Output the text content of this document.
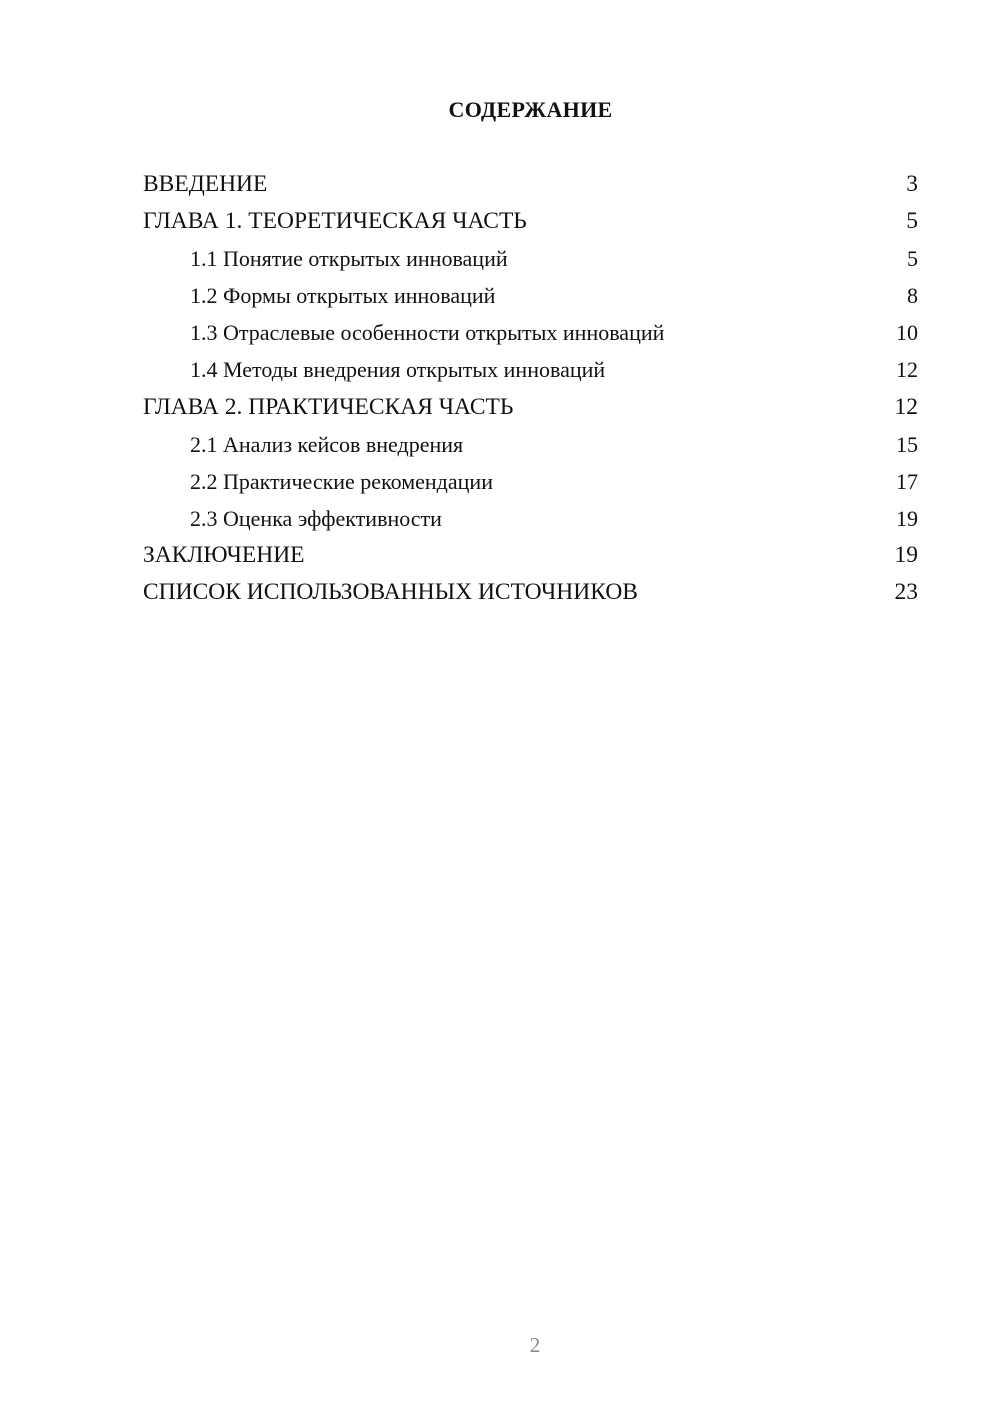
СОДЕРЖАНИЕ
ВВЕДЕНИЕ	3
ГЛАВА 1. ТЕОРЕТИЧЕСКАЯ ЧАСТЬ	5
1.1 Понятие открытых инноваций	5
1.2 Формы открытых инноваций	8
1.3 Отраслевые особенности открытых инноваций	10
1.4 Методы внедрения открытых инноваций	12
ГЛАВА 2. ПРАКТИЧЕСКАЯ ЧАСТЬ	12
2.1 Анализ кейсов внедрения	15
2.2 Практические рекомендации	17
2.3 Оценка эффективности	19
ЗАКЛЮЧЕНИЕ	19
СПИСОК ИСПОЛЬЗОВАННЫХ ИСТОЧНИКОВ	23
2
